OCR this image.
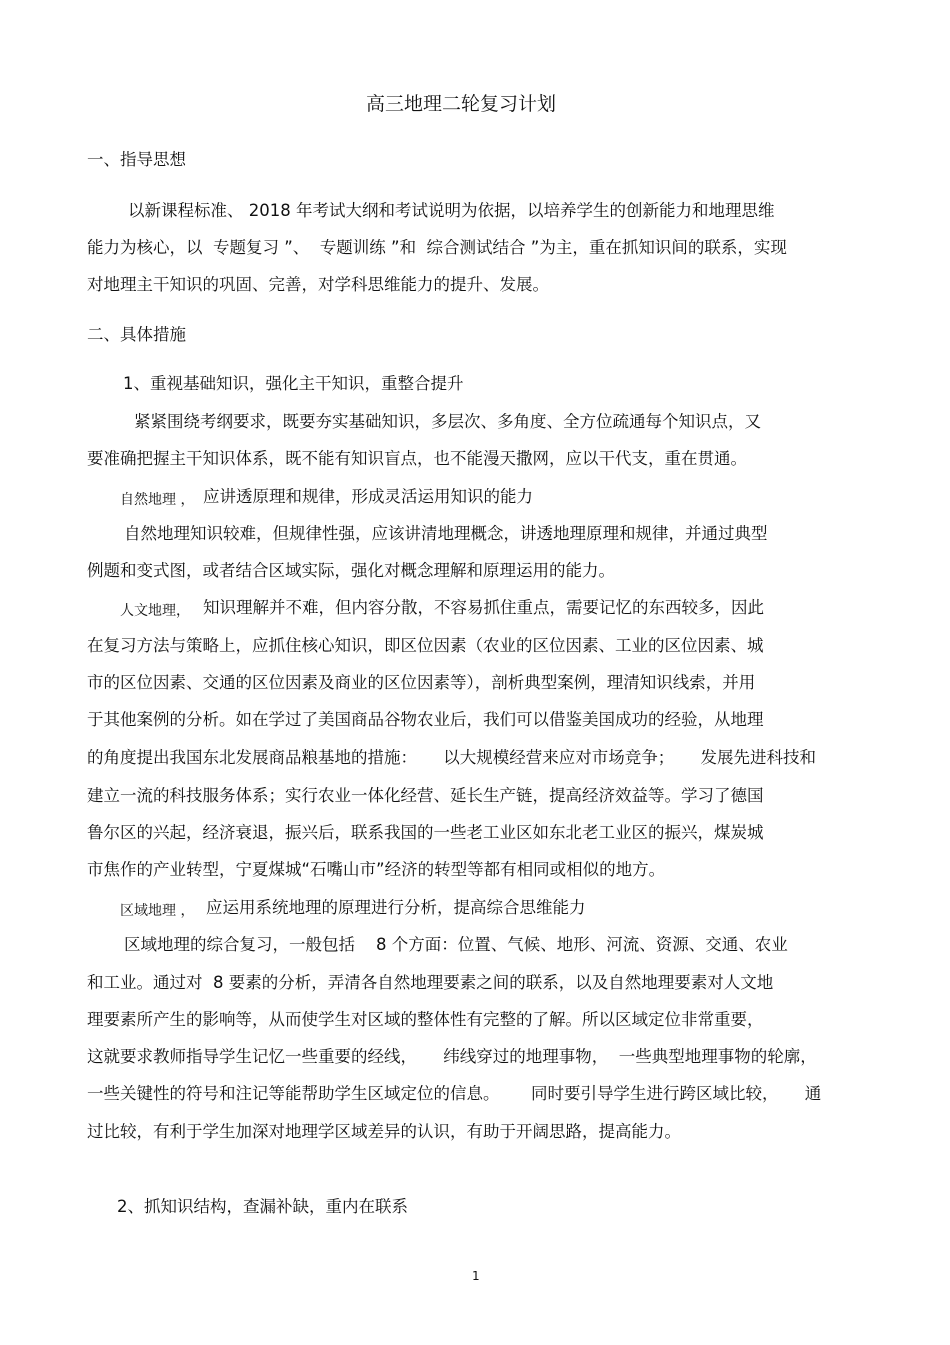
高三地理二轮复习计划
一、指导思想
以新课程标准、 2018 年考试大纲和考试说明为依据，以培养学生的创新能力和地理思维
能力为核心，以  专题复习 ”、  专题训练 ”和  综合测试结合 ”为主，重在抓知识间的联系，实现
对地理主干知识的巩固、完善，对学科思维能力的提升、发展。
二、具体措施
1、重视基础知识，强化主干知识，重整合提升
紧紧围绕考纲要求，既要夯实基础知识，多层次、多角度、全方位疏通每个知识点，又
要准确把握主干知识体系，既不能有知识盲点，也不能漫天撒网，应以干代支，重在贯通。
自然地理 ， 应讲透原理和规律，形成灵活运用知识的能力
自然地理知识较难，但规律性强，应该讲清地理概念，讲透地理原理和规律，并通过典型
例题和变式图，或者结合区域实际，强化对概念理解和原理运用的能力。
人文地理， 知识理解并不难，但内容分散，不容易抓住重点，需要记忆的东西较多，因此
在复习方法与策略上，应抓住核心知识，即区位因素（农业的区位因素、工业的区位因素、城
市的区位因素、交通的区位因素及商业的区位因素等），剖析典型案例，理清知识线索，并用
于其他案例的分析。如在学过了美国商品谷物农业后，我们可以借鉴美国成功的经验，从地理
的角度提出我国东北发展商品粮基地的措施：     以大规模经营来应对市场竞争；     发展先进科技和
建立一流的科技服务体系；实行农业一体化经营、延长生产链，提高经济效益等。学习了德国
鲁尔区的兴起，经济衰退，振兴后，联系我国的一些老工业区如东北老工业区的振兴，煤炭城
市焦作的产业转型，宁夏煤城“石嘴山市”经济的转型等都有相同或相似的地方。
区域地理 ， 应运用系统地理的原理进行分析，提高综合思维能力
区域地理的综合复习，一般包括    8 个方面：位置、气候、地形、河流、资源、交通、农业
和工业。通过对  8 要素的分析，弄清各自然地理要素之间的联系，以及自然地理要素对人文地
理要素所产生的影响等，从而使学生对区域的整体性有完整的了解。所以区域定位非常重要，
这就要求教师指导学生记忆一些重要的经线，     纬线穿过的地理事物，  一些典型地理事物的轮廓，
一些关键性的符号和注记等能帮助学生区域定位的信息。      同时要引导学生进行跨区域比较，     通
过比较，有利于学生加深对地理学区域差异的认识，有助于开阔思路，提高能力。
2、抓知识结构，查漏补缺，重内在联系
1
